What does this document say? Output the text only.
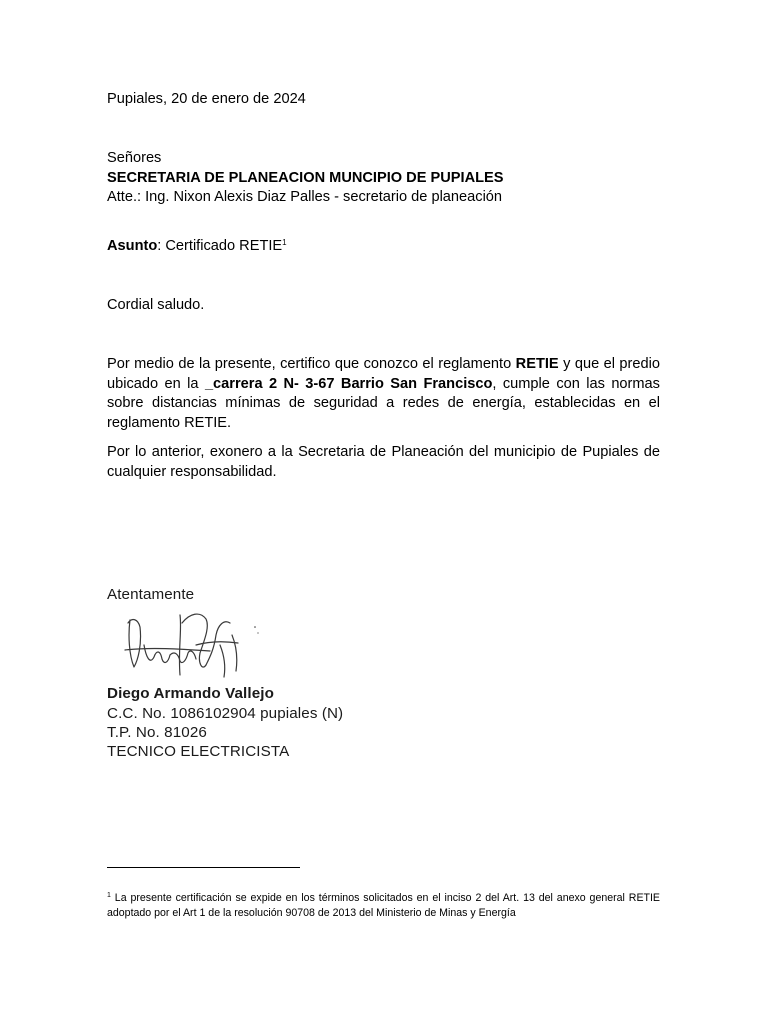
Pupiales, 20 de enero de 2024
Señores
SECRETARIA DE PLANEACION MUNCIPIO DE PUPIALES
Atte.: Ing. Nixon Alexis Diaz Palles - secretario de planeación
Asunto: Certificado RETIE$^1$
Cordial saludo.
Por medio de la presente, certifico que conozco el reglamento RETIE y que el predio ubicado en la _carrera 2 N- 3-67 Barrio San Francisco, cumple con las normas sobre distancias mínimas de seguridad a redes de energía, establecidas en el reglamento RETIE.
Por lo anterior, exonero a la Secretaria de Planeación del municipio de Pupiales de cualquier responsabilidad.
Atentamente
Diego Armando Vallejo
C.C. No. 1086102904 pupiales (N)
T.P. No. 81026
TECNICO ELECTRICISTA
$^1$ La presente certificación se expide en los términos solicitados en el inciso 2 del Art. 13 del anexo general RETIE adoptado por el Art 1 de la resolución 90708 de 2013 del Ministerio de Minas y Energía
